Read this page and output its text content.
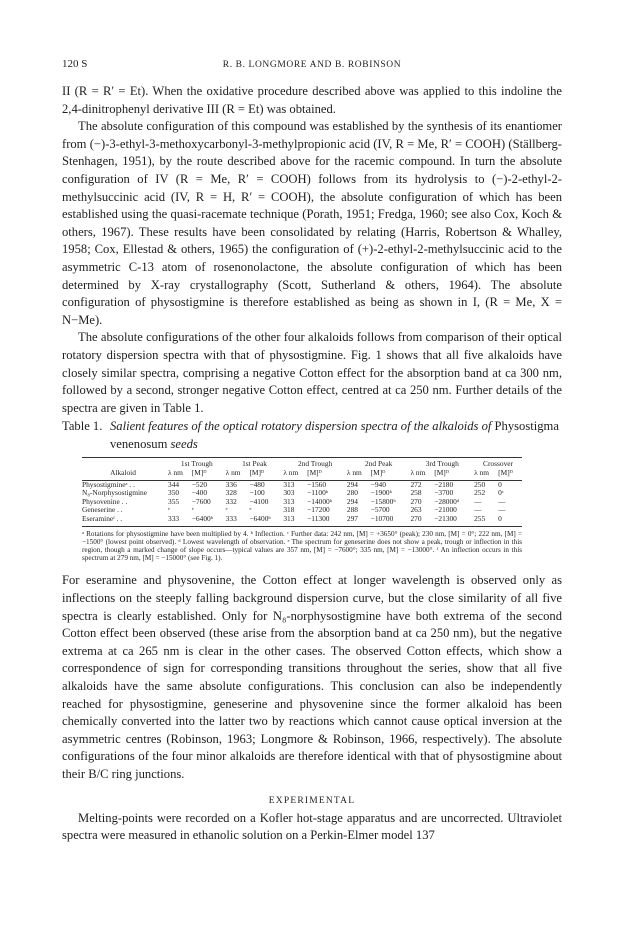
120 S	R. B. LONGMORE AND B. ROBINSON

II (R = R′ = Et). When the oxidative procedure described above was applied to this indoline the 2,4-dinitrophenyl derivative III (R = Et) was obtained.

The absolute configuration of this compound was established by the synthesis of its enantiomer from (−)-3-ethyl-3-methoxycarbonyl-3-methylpropionic acid (IV, R = Me, R′ = COOH) (Ställberg-Stenhagen, 1951), by the route described above for the racemic compound. In turn the absolute configuration of IV (R = Me, R′ = COOH) follows from its hydrolysis to (−)-2-ethyl-2-methylsuccinic acid (IV, R = H, R′ = COOH), the absolute configuration of which has been established using the quasi-racemate technique (Porath, 1951; Fredga, 1960; see also Cox, Koch & others, 1967). These results have been consolidated by relating (Harris, Robertson & Whalley, 1958; Cox, Ellestad & others, 1965) the configuration of (+)-2-ethyl-2-methylsuccinic acid to the asymmetric C-13 atom of rosenonolactone, the absolute configuration of which has been determined by X-ray crystallography (Scott, Sutherland & others, 1964). The absolute configuration of physostigmine is therefore established as being as shown in I, (R = Me, X = N−Me).

The absolute configurations of the other four alkaloids follows from comparison of their optical rotatory dispersion spectra with that of physostigmine. Fig. 1 shows that all five alkaloids have closely similar spectra, comprising a negative Cotton effect for the absorption band at ca 300 nm, followed by a second, stronger negative Cotton effect, centred at ca 250 nm. Further details of the spectra are given in Table 1.

Table 1. Salient features of the optical rotatory dispersion spectra of the alkaloids of Physostigma venenosum seeds
	1st Trough		1st Peak		2nd Trough		2nd Peak		3rd Trough		Crossover	
Alkaloid	λ nm	[M]ᴰ	λ nm	[M]ᴰ	λ nm	[M]ᴰ	λ nm	[M]ᴰ	λ nm	[M]ᴰ	λ nm	[M]ᴰ
Physostigmineᵃ . .	344	−520	336	−480	313	−1560	294	−940	272	−2180	250	0
N₈-Norphysostigmine	350	−400	328	−100	303	−1100ᵇ	280	−1900ᵇ	258	−3700	252	0ᶜ
Physovenine . .	355	−7600	332	−4100	313	−14000ᵇ	294	−15800ᵇ	270	−28000ᵈ	—	—
Geneserine . .	ᵉ	ᵉ	ᵉ	ᵉ	318	−17200	288	−5700	263	−21000	—	—
Eseramineᶠ . .	333	−6400ᵇ	333	−6400ᵇ	313	−11300	297	−10700	270	−21300	255	0
ᵃ Rotations for physostigmine have been multiplied by 4. ᵇ Inflection. ᶜ Further data: 242 nm, [M] = +3650° (peak); 230 nm, [M] = 0°; 222 nm, [M] = −1500° (lowest point observed). ᵈ Lowest wavelength of observation. ᵉ The spectrum for geneserine does not show a peak, trough or inflection in this region, though a marked change of slope occurs—typical values are 357 nm, [M] = −7600°; 335 nm, [M] = −13000°. ᶠ An inflection occurs in this spectrum at 279 nm, [M] = −15000° (see Fig. 1).

For eseramine and physovenine, the Cotton effect at longer wavelength is observed only as inflections on the steeply falling background dispersion curve, but the close similarity of all five spectra is clearly established. Only for N₈-norphysostigmine have both extrema of the second Cotton effect been observed (these arise from the absorption band at ca 250 nm), but the negative extrema at ca 265 nm is clear in the other cases. The observed Cotton effects, which show a correspondence of sign for corresponding transitions throughout the series, show that all five alkaloids have the same absolute configurations. This conclusion can also be independently reached for physostigmine, geneserine and physovenine since the former alkaloid has been chemically converted into the latter two by reactions which cannot cause optical inversion at the asymmetric centres (Robinson, 1963; Longmore & Robinson, 1966, respectively). The absolute configurations of the four minor alkaloids are therefore identical with that of physostigmine about their B/C ring junctions.

EXPERIMENTAL

Melting-points were recorded on a Kofler hot-stage apparatus and are uncorrected. Ultraviolet spectra were measured in ethanolic solution on a Perkin-Elmer model 137
